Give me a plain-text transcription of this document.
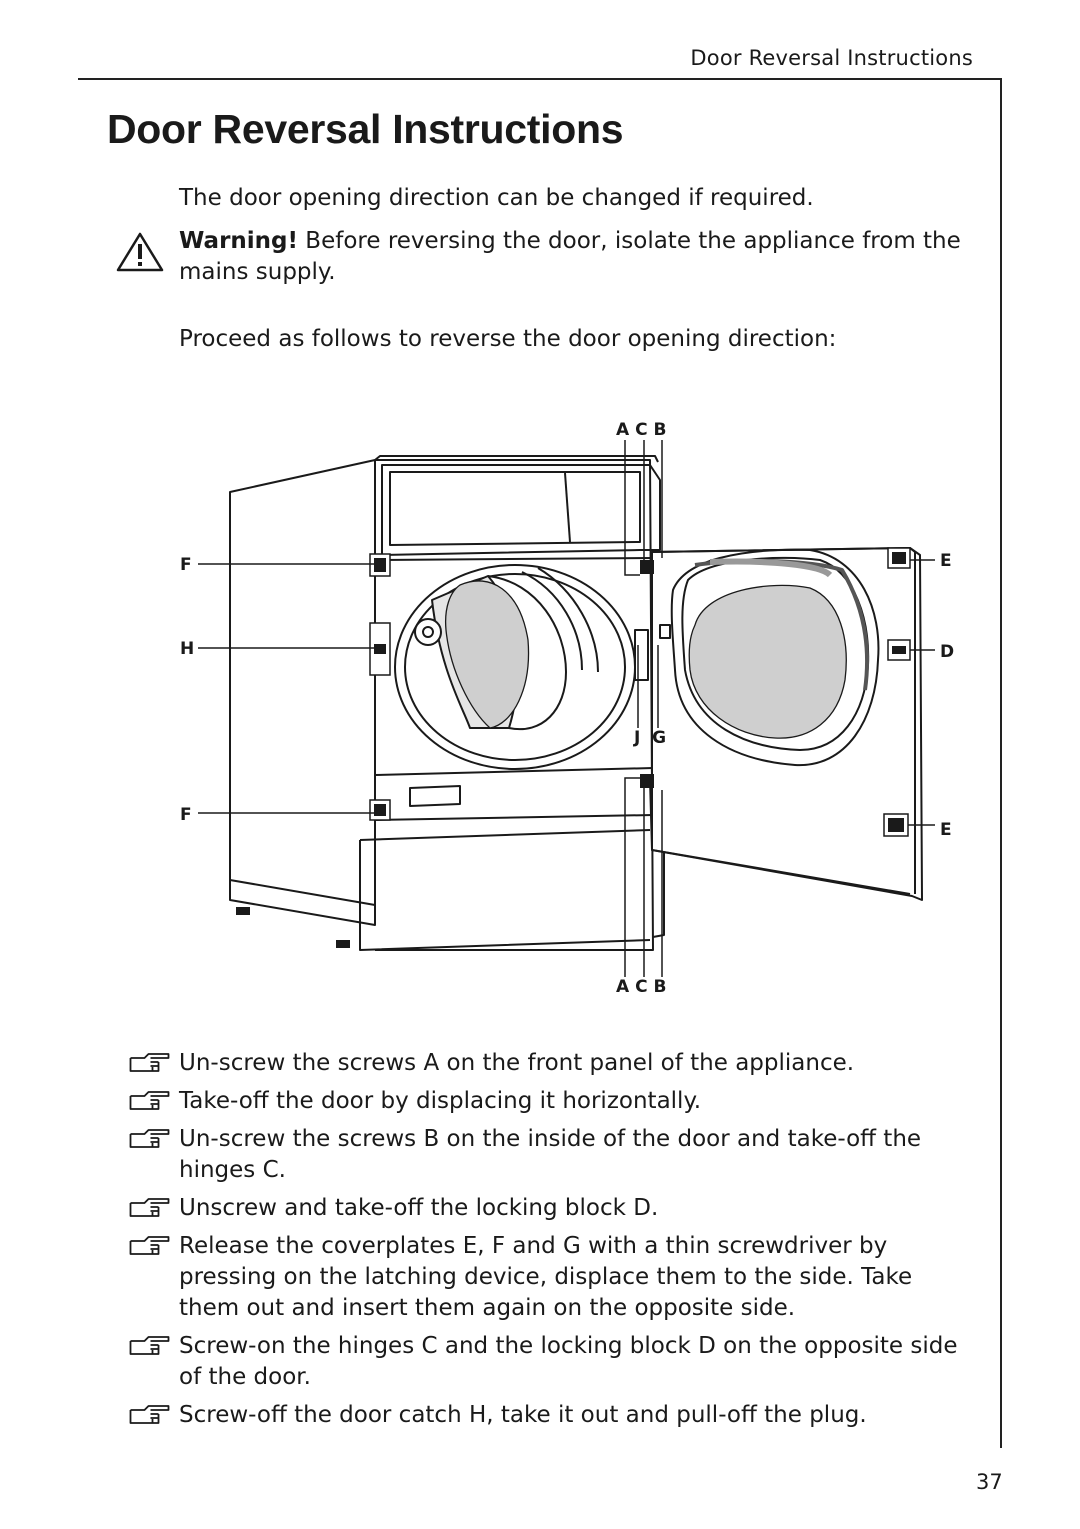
Door Reversal Instructions
Door Reversal Instructions
The door opening direction can be changed if required.
Warning! Before reversing the door, isolate the appliance from the mains supply.
Proceed as follows to reverse the door opening direction:
A C B
A C B
F
H
F
E
D
E
J  G
Un-screw the screws A on the front panel of the appliance.
Take-off the door by displacing it horizontally.
Un-screw the screws B on the inside of the door and take-off the hinges C.
Unscrew and take-off the locking block D.
Release the coverplates E, F and G with a thin screwdriver by pressing on the latching device, displace them to the side. Take them out and insert them again on the opposite side.
Screw-on the hinges C and the locking block D on the opposite side of the door.
Screw-off the door catch H, take it out and pull-off the plug.
37
